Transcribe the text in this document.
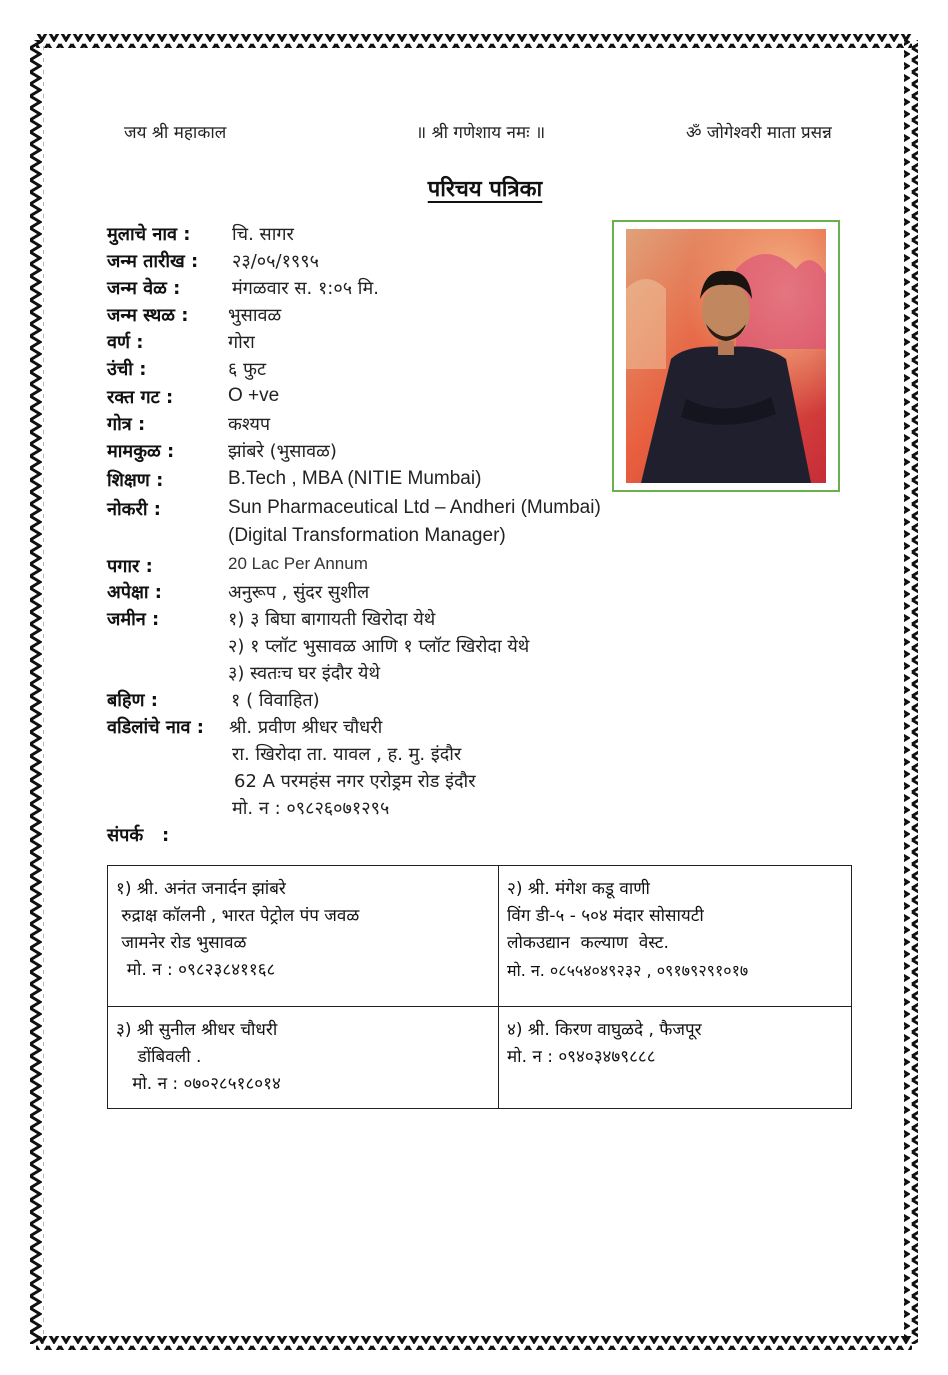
जय श्री महाकाल	॥ श्री गणेशाय नमः ॥	ॐ जोगेश्वरी माता प्रसन्न
परिचय पत्रिका
मुलाचे नाव : चि. सागर
जन्म तारीख : २३/०५/१९९५
जन्म वेळ :	मंगळवार स. १:०५ मि.
जन्म स्थळ : भुसावळ
वर्ण :	गोरा
उंची :	६ फुट
रक्त गट :	O +ve
गोत्र :	कश्यप
मामकुळ :	झांबरे (भुसावळ)
शिक्षण :	B.Tech , MBA (NITIE Mumbai)
नोकरी :	Sun Pharmaceutical Ltd – Andheri (Mumbai)
(Digital Transformation Manager)
पगार :	20 Lac Per Annum
अपेक्षा :	अनुरूप , सुंदर सुशील
जमीन :	१) ३ बिघा बागायती खिरोदा येथे
२) १ प्लॉट भुसावळ आणि १ प्लॉट खिरोदा येथे
३) स्वतःच घर इंदौर येथे
बहिण :	१ ( विवाहित)
वडिलांचे नाव : श्री. प्रवीण श्रीधर चौधरी
रा. खिरोदा ता. यावल , ह. मु. इंदौर
62 A परमहंस नगर एरोड्रम रोड इंदौर
मो. न : ०९८२६०७१२९५
संपर्क   :
१) श्री. अनंत जनार्दन झांबरे
रुद्राक्ष कॉलनी , भारत पेट्रोल पंप जवळ
जामनेर रोड भुसावळ
मो. न : ०९८२३८४११६८	२) श्री. मंगेश कडू वाणी
विंग डी-५ - ५०४ मंदार सोसायटी
लोकउद्यान  कल्याण  वेस्ट.
मो. न. ०८५५४०४९२३२ , ०९१७९२९१०१७

३) श्री सुनील श्रीधर चौधरी
डोंबिवली .
मो. न : ०७०२८५१८०१४	४) श्री. किरण वाघुळदे , फैजपूर
मो. न : ०९४०३४७९८८८
